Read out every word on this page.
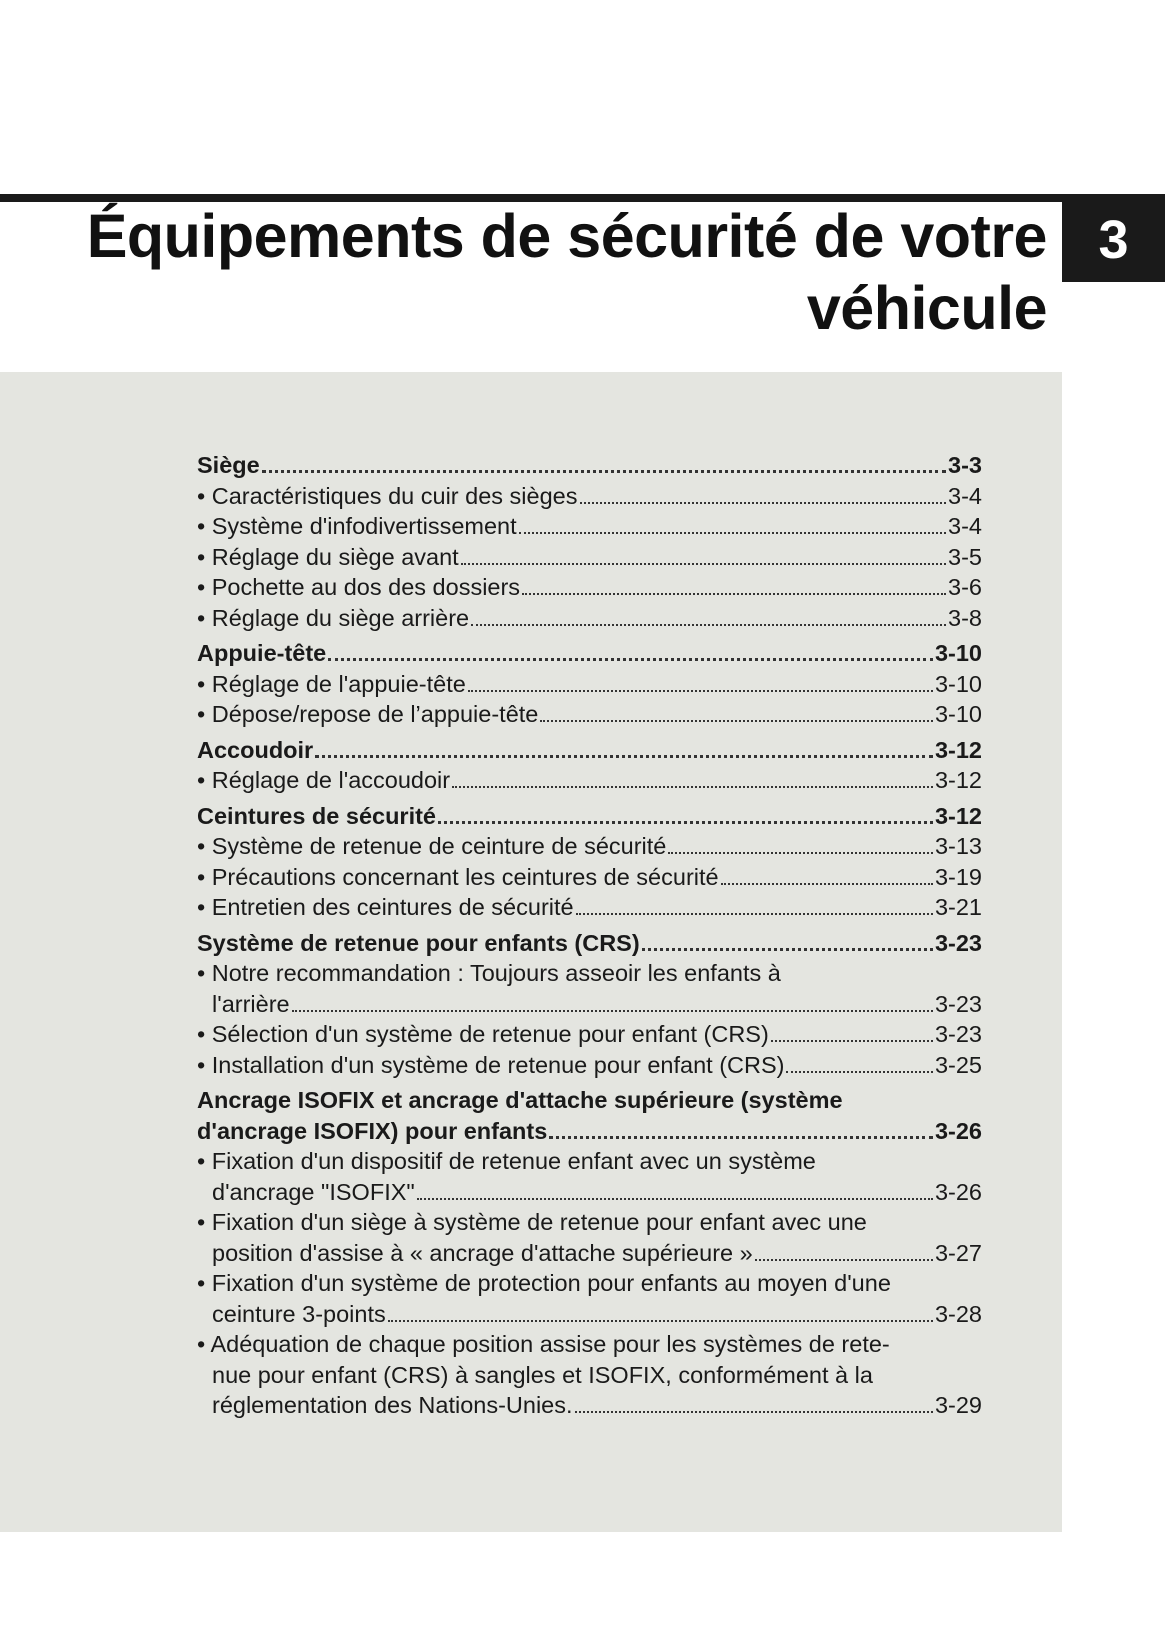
Équipements de sécurité de votre
véhicule
3
Siège	3-3
• Caractéristiques du cuir des sièges	3-4
• Système d'infodivertissement	3-4
• Réglage du siège avant	3-5
• Pochette au dos des dossiers	3-6
• Réglage du siège arrière	3-8
Appuie-tête	3-10
• Réglage de l'appuie-tête	3-10
• Dépose/repose de l’appuie-tête	3-10
Accoudoir	3-12
• Réglage de l'accoudoir	3-12
Ceintures de sécurité	3-12
• Système de retenue de ceinture de sécurité	3-13
• Précautions concernant les ceintures de sécurité	3-19
• Entretien des ceintures de sécurité	3-21
Système de retenue pour enfants (CRS)	3-23
• Notre recommandation : Toujours asseoir les enfants à
l'arrière	3-23
• Sélection d'un système de retenue pour enfant (CRS)	3-23
• Installation d'un système de retenue pour enfant (CRS)	3-25
Ancrage ISOFIX et ancrage d'attache supérieure (système
d'ancrage ISOFIX) pour enfants	3-26
• Fixation d'un dispositif de retenue enfant avec un système
d'ancrage "ISOFIX"	3-26
• Fixation d'un siège à système de retenue pour enfant avec une
position d'assise à « ancrage d'attache supérieure »	3-27
• Fixation d'un système de protection pour enfants au moyen d'une
ceinture 3-points	3-28
• Adéquation de chaque position assise pour les systèmes de rete-
nue pour enfant (CRS) à sangles et ISOFIX, conformément à la
réglementation des Nations-Unies.	3-29
